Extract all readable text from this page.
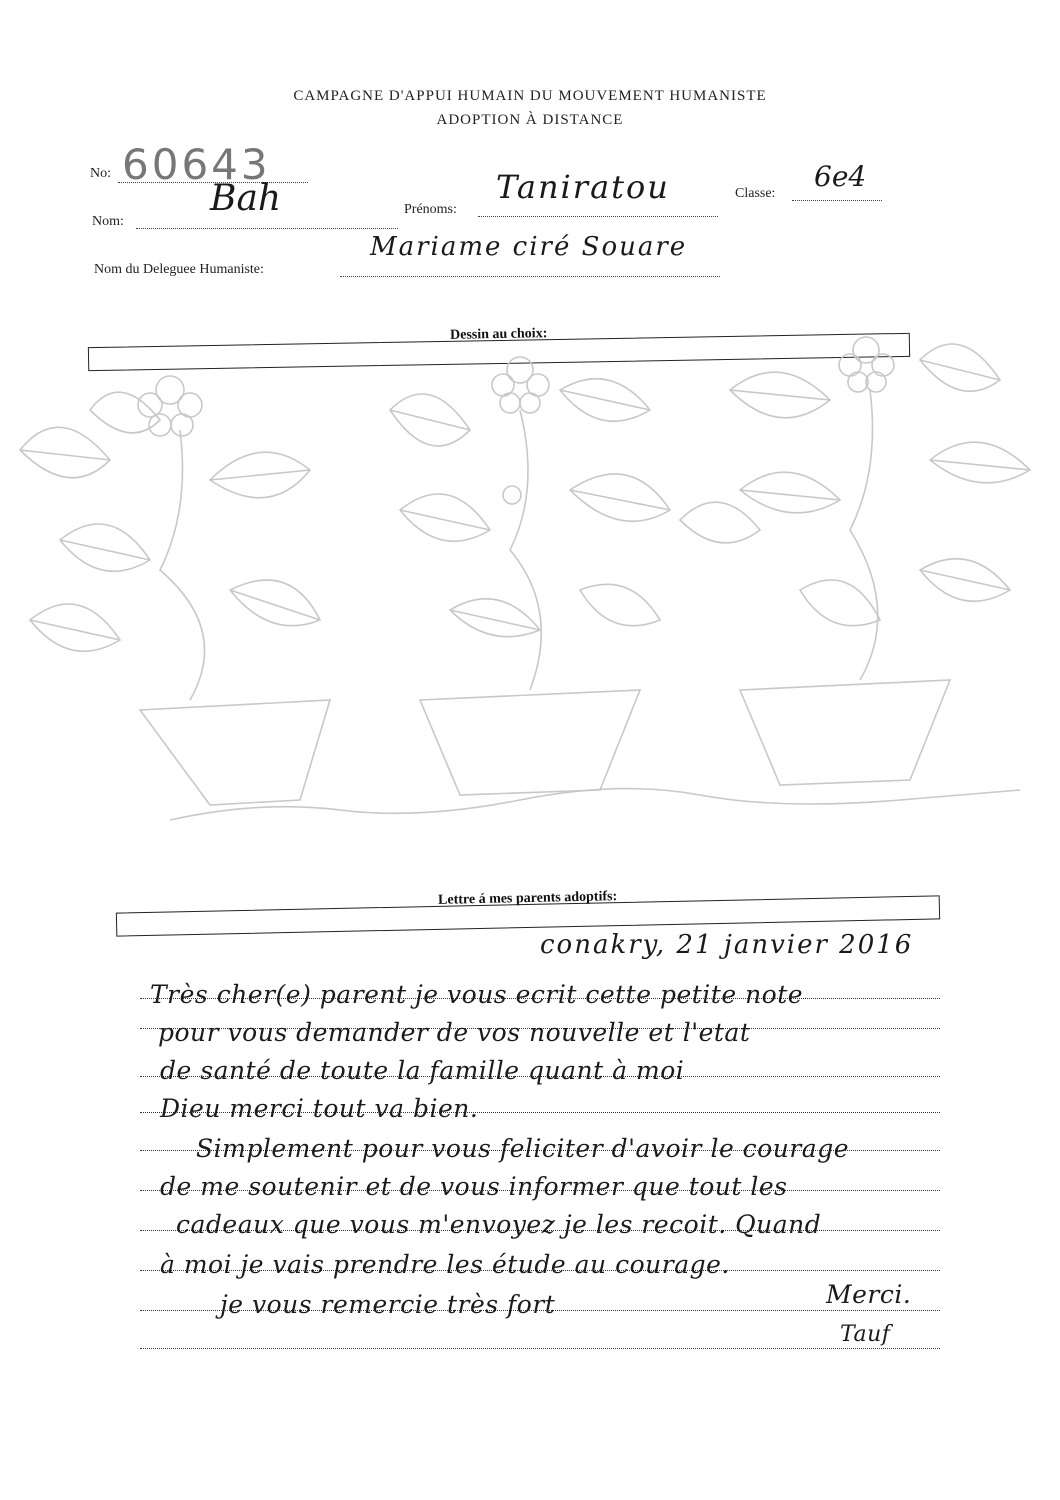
CAMPAGNE D'APPUI HUMAIN DU MOUVEMENT HUMANISTE
ADOPTION À DISTANCE
No: 60643
Nom:
Bah	Prénoms:
Taniratou	Classe:
6e4
Nom du Deleguee Humaniste:
Mariame ciré Souare
Dessin au choix:
Lettre á mes parents adoptifs:
conakry, 21 janvier 2016
Très cher(e) parent je vous ecrit cette petite note
pour vous demander de vos nouvelle et l'etat
de santé de toute la famille quant à moi
Dieu merci tout va bien.
Simplement pour vous feliciter d'avoir le courage
de me soutenir et de vous informer que tout les
cadeaux que vous m'envoyez je les recoit. Quand
à moi je vais prendre les étude au courage.
je vous remercie très fort	Merci.
Tauf
